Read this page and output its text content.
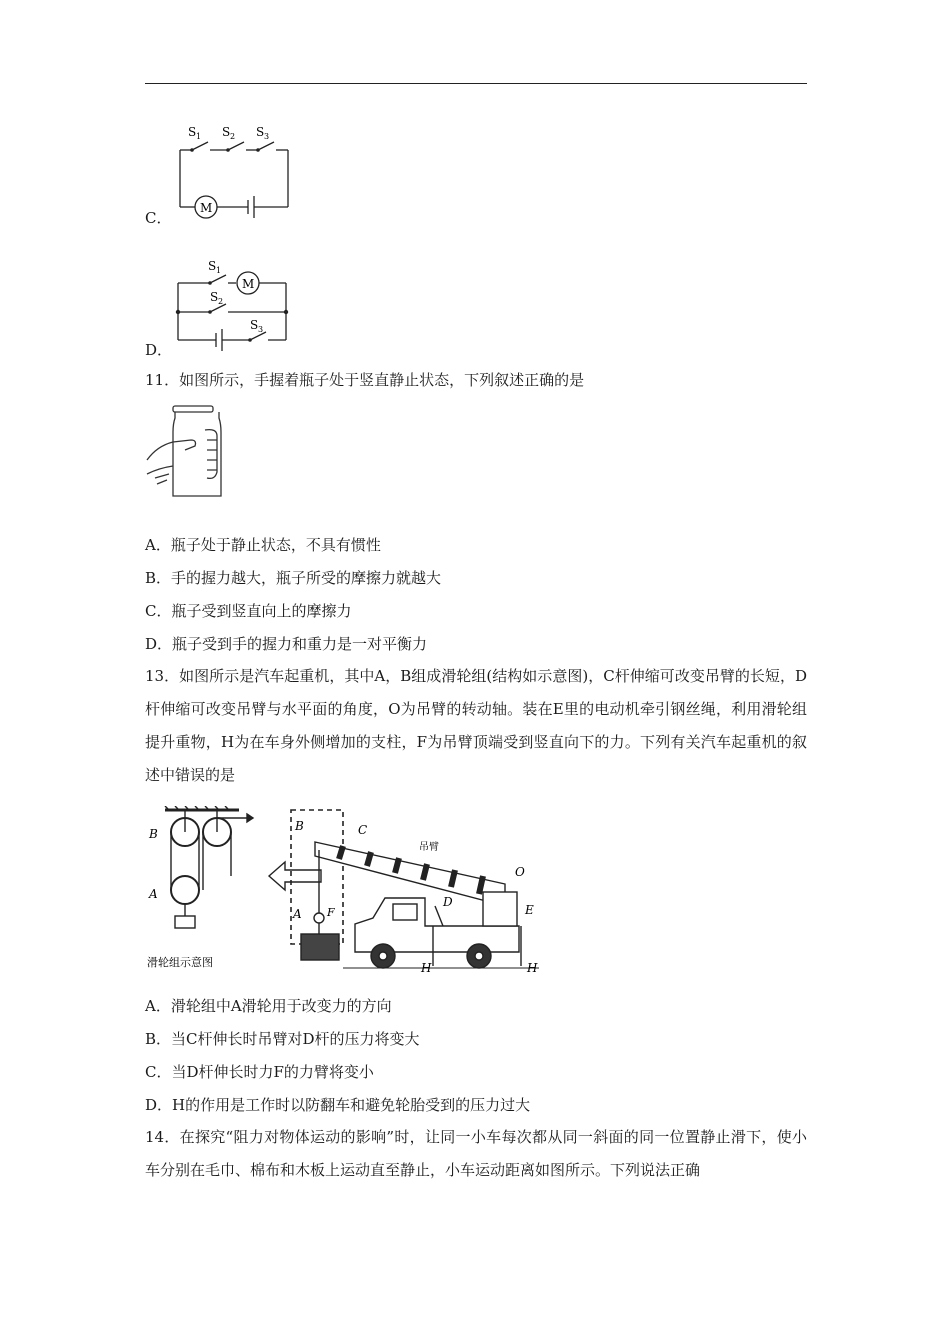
C．
S 1 S 2 S 3
M
D．
S 1
S 2
S 3
M
11．如图所示，手握着瓶子处于竖直静止状态，下列叙述正确的是
A．瓶子处于静止状态，不具有惯性
B．手的握力越大，瓶子所受的摩擦力就越大
C．瓶子受到竖直向上的摩擦力
D．瓶子受到手的握力和重力是一对平衡力
13．如图所示是汽车起重机，其中A，B组成滑轮组(结构如示意图)，C杆伸缩可改变吊臂的长短，D杆伸缩可改变吊臂与水平面的角度，O为吊臂的转动轴。装在E里的电动机牵引钢丝绳，利用滑轮组提升重物，H为在车身外侧增加的支柱，F为吊臂顶端受到竖直向下的力。下列有关汽车起重机的叙述中错误的是
B
A
滑轮组示意图
B
A
C
吊臂
O
F
D
E
H	H
A．滑轮组中A滑轮用于改变力的方向
B．当C杆伸长时吊臂对D杆的压力将变大
C．当D杆伸长时力F的力臂将变小
D．H的作用是工作时以防翻车和避免轮胎受到的压力过大
14．在探究“阻力对物体运动的影响”时，让同一小车每次都从同一斜面的同一位置静止滑下，使小车分别在毛巾、棉布和木板上运动直至静止，小车运动距离如图所示。下列说法正确
